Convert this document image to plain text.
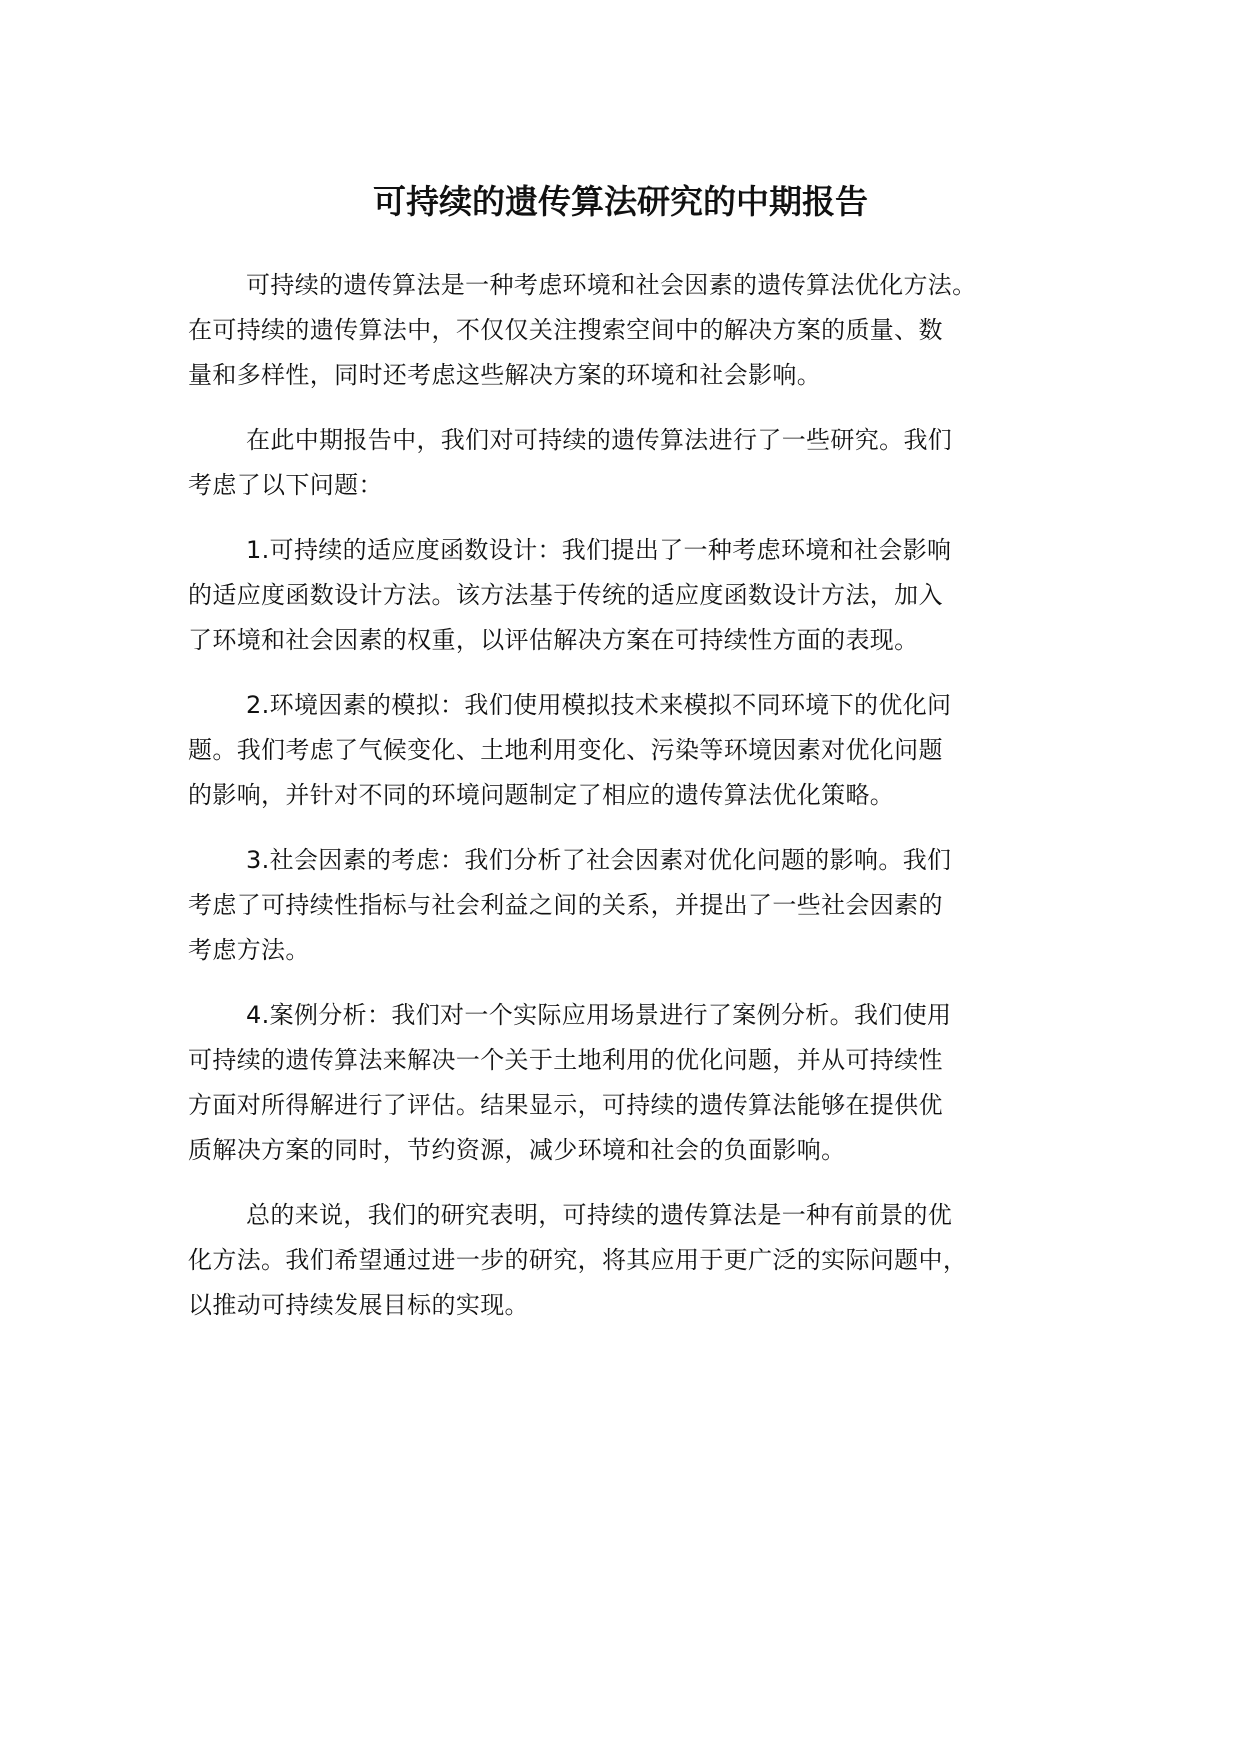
可持续的遗传算法研究的中期报告

可持续的遗传算法是一种考虑环境和社会因素的遗传算法优化方法。
在可持续的遗传算法中，不仅仅关注搜索空间中的解决方案的质量、数
量和多样性，同时还考虑这些解决方案的环境和社会影响。

在此中期报告中，我们对可持续的遗传算法进行了一些研究。我们
考虑了以下问题：

1.可持续的适应度函数设计：我们提出了一种考虑环境和社会影响
的适应度函数设计方法。该方法基于传统的适应度函数设计方法，加入
了环境和社会因素的权重，以评估解决方案在可持续性方面的表现。

2.环境因素的模拟：我们使用模拟技术来模拟不同环境下的优化问
题。我们考虑了气候变化、土地利用变化、污染等环境因素对优化问题
的影响，并针对不同的环境问题制定了相应的遗传算法优化策略。

3.社会因素的考虑：我们分析了社会因素对优化问题的影响。我们
考虑了可持续性指标与社会利益之间的关系，并提出了一些社会因素的
考虑方法。

4.案例分析：我们对一个实际应用场景进行了案例分析。我们使用
可持续的遗传算法来解决一个关于土地利用的优化问题，并从可持续性
方面对所得解进行了评估。结果显示，可持续的遗传算法能够在提供优
质解决方案的同时，节约资源，减少环境和社会的负面影响。

总的来说，我们的研究表明，可持续的遗传算法是一种有前景的优
化方法。我们希望通过进一步的研究，将其应用于更广泛的实际问题中，
以推动可持续发展目标的实现。
